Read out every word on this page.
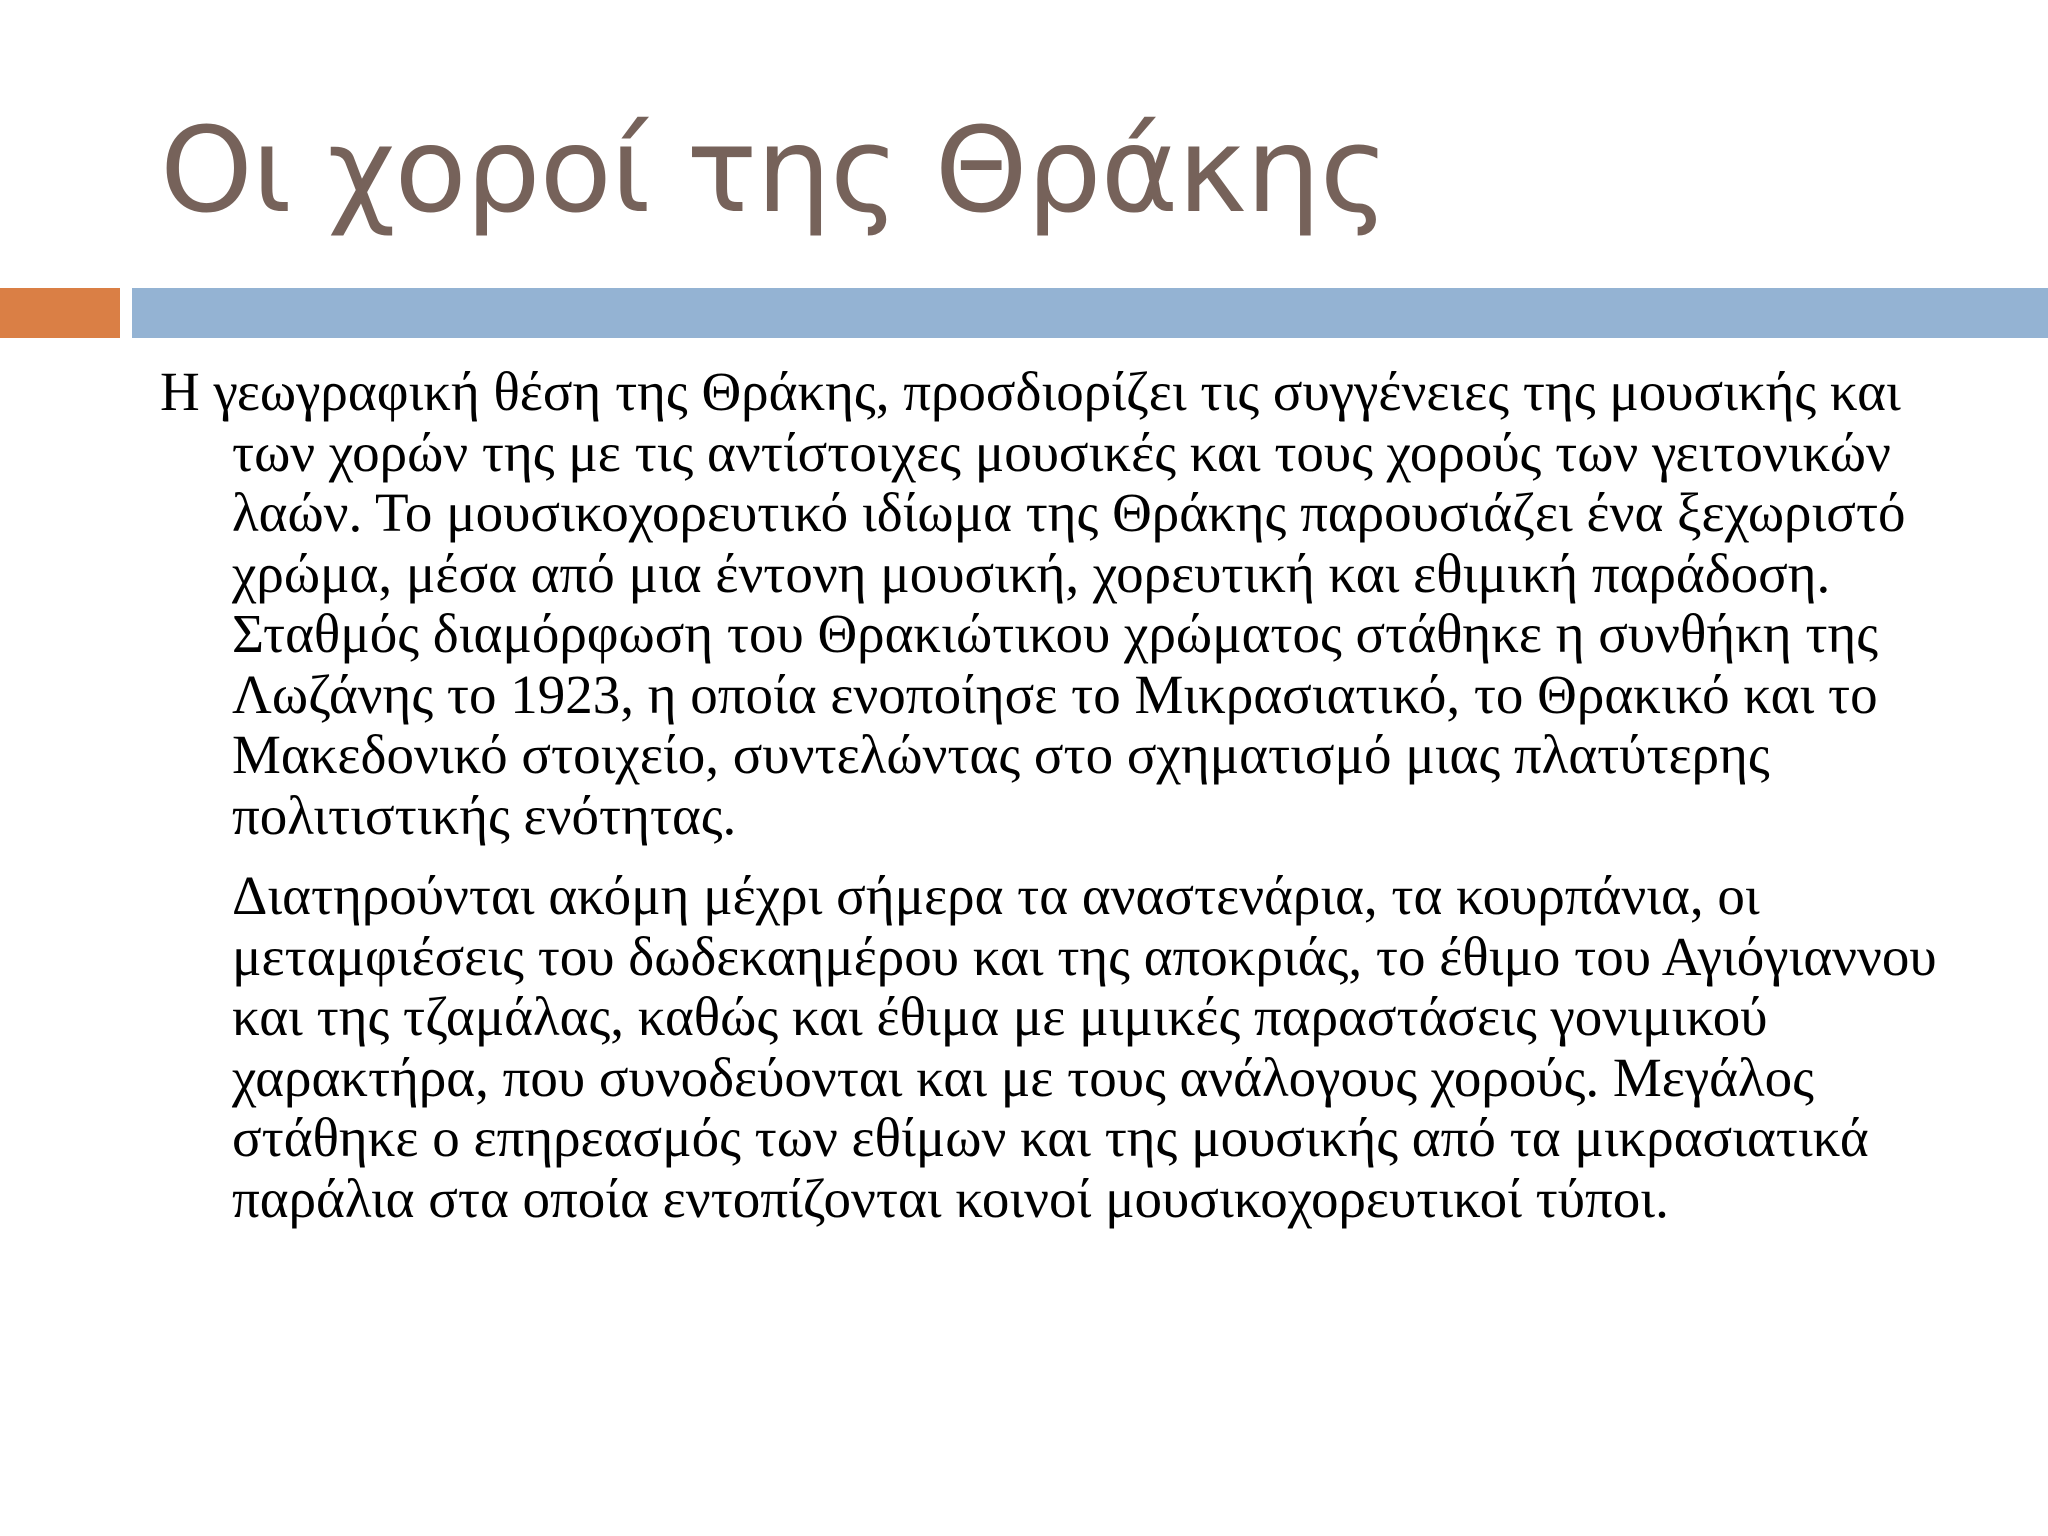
Οι χοροί της Θράκης

Η γεωγραφική θέση της Θράκης, προσδιορίζει τις συγγένειες της μουσικής και των χορών της με τις αντίστοιχες μουσικές και τους χορούς των γειτονικών λαών. Το μουσικοχορευτικό ιδίωμα της Θράκης παρουσιάζει ένα ξεχωριστό χρώμα, μέσα από μια έντονη μουσική, χορευτική και εθιμική παράδοση. Σταθμός διαμόρφωση του Θρακιώτικου χρώματος στάθηκε η συνθήκη της Λωζάνης το 1923, η οποία ενοποίησε το Μικρασιατικό, το Θρακικό και το Μακεδονικό στοιχείο, συντελώντας στο σχηματισμό μιας πλατύτερης πολιτιστικής ενότητας.

Διατηρούνται ακόμη μέχρι σήμερα τα αναστενάρια, τα κουρπάνια, οι μεταμφιέσεις του δωδεκαημέρου και της αποκριάς, το έθιμο του Αγιόγιαννου και της τζαμάλας, καθώς και έθιμα με μιμικές παραστάσεις γονιμικού χαρακτήρα, που συνοδεύονται και με τους ανάλογους χορούς. Μεγάλος στάθηκε ο επηρεασμός των εθίμων και της μουσικής από τα μικρασιατικά παράλια στα οποία εντοπίζονται κοινοί μουσικοχορευτικοί τύποι.
